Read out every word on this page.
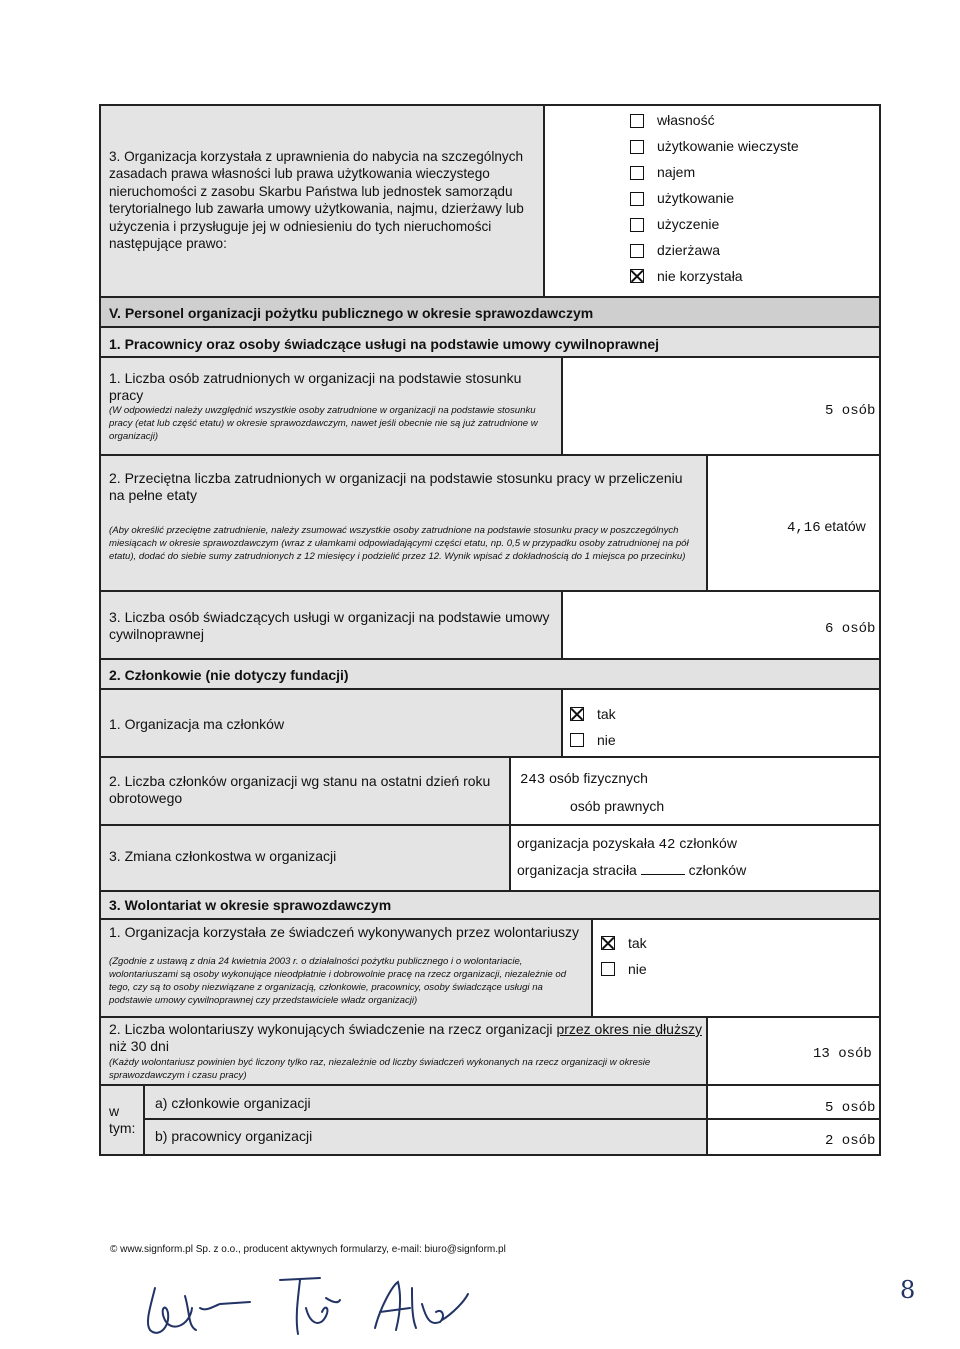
3. Organizacja korzystała z uprawnienia do nabycia na szczególnych zasadach prawa własności lub prawa użytkowania wieczystego nieruchomości z zasobu Skarbu Państwa lub jednostek samorządu terytorialnego lub zawarła umowy użytkowania, najmu, dzierżawy lub użyczenia i przysługuje jej w odniesieniu do tych nieruchomości następujące prawo:
własność
użytkowanie wieczyste
najem
użytkowanie
użyczenie
dzierżawa
nie korzystała
V. Personel organizacji pożytku publicznego w okresie sprawozdawczym
1. Pracownicy oraz osoby świadczące usługi na podstawie umowy cywilnoprawnej
1. Liczba osób zatrudnionych w organizacji na podstawie stosunku pracy
(W odpowiedzi należy uwzględnić wszystkie osoby zatrudnione w organizacji na podstawie stosunku pracy (etat lub część etatu) w okresie sprawozdawczym, nawet jeśli obecnie nie są już zatrudnione w organizacji)
5 osób
2. Przeciętna liczba zatrudnionych w organizacji na podstawie stosunku pracy w przeliczeniu na pełne etaty
(Aby określić przeciętne zatrudnienie, należy zsumować wszystkie osoby zatrudnione na podstawie stosunku pracy w poszczególnych miesiącach w okresie sprawozdawczym (wraz z ułamkami odpowiadającymi części etatu, np. 0,5 w przypadku osoby zatrudnionej na pół etatu), dodać do siebie sumy zatrudnionych z 12 miesięcy i podzielić przez 12. Wynik wpisać z dokładnością do 1 miejsca po przecinku)
4,16 etatów
3. Liczba osób świadczących usługi w organizacji na podstawie umowy cywilnoprawnej	6 osób
2. Członkowie (nie dotyczy fundacji)
1. Organizacja ma członków
tak
nie
2. Liczba członków organizacji wg stanu na ostatni dzień roku obrotowego
243 osób fizycznych
osób prawnych
3. Zmiana członkostwa w organizacji
organizacja pozyskała 42 członków
organizacja straciła	członków
3. Wolontariat w okresie sprawozdawczym
1. Organizacja korzystała ze świadczeń wykonywanych przez wolontariuszy
(Zgodnie z ustawą z dnia 24 kwietnia 2003 r. o działalności pożytku publicznego i o wolontariacie, wolontariuszami są osoby wykonujące nieodpłatnie i dobrowolnie pracę na rzecz organizacji, niezależnie od tego, czy są to osoby niezwiązane z organizacją, członkowie, pracownicy, osoby świadczące usługi na podstawie umowy cywilnoprawnej czy przedstawiciele władz organizacji)
tak
nie
2. Liczba wolontariuszy wykonujących świadczenie na rzecz organizacji przez okres nie dłuższy niż 30 dni
(Każdy wolontariusz powinien być liczony tylko raz, niezależnie od liczby świadczeń wykonanych na rzecz organizacji w okresie sprawozdawczym i czasu pracy)
13 osób
w tym:
a) członkowie organizacji	5 osób
b) pracownicy organizacji	2 osób
© www.signform.pl Sp. z o.o., producent aktywnych formularzy, e-mail: biuro@signform.pl
8
